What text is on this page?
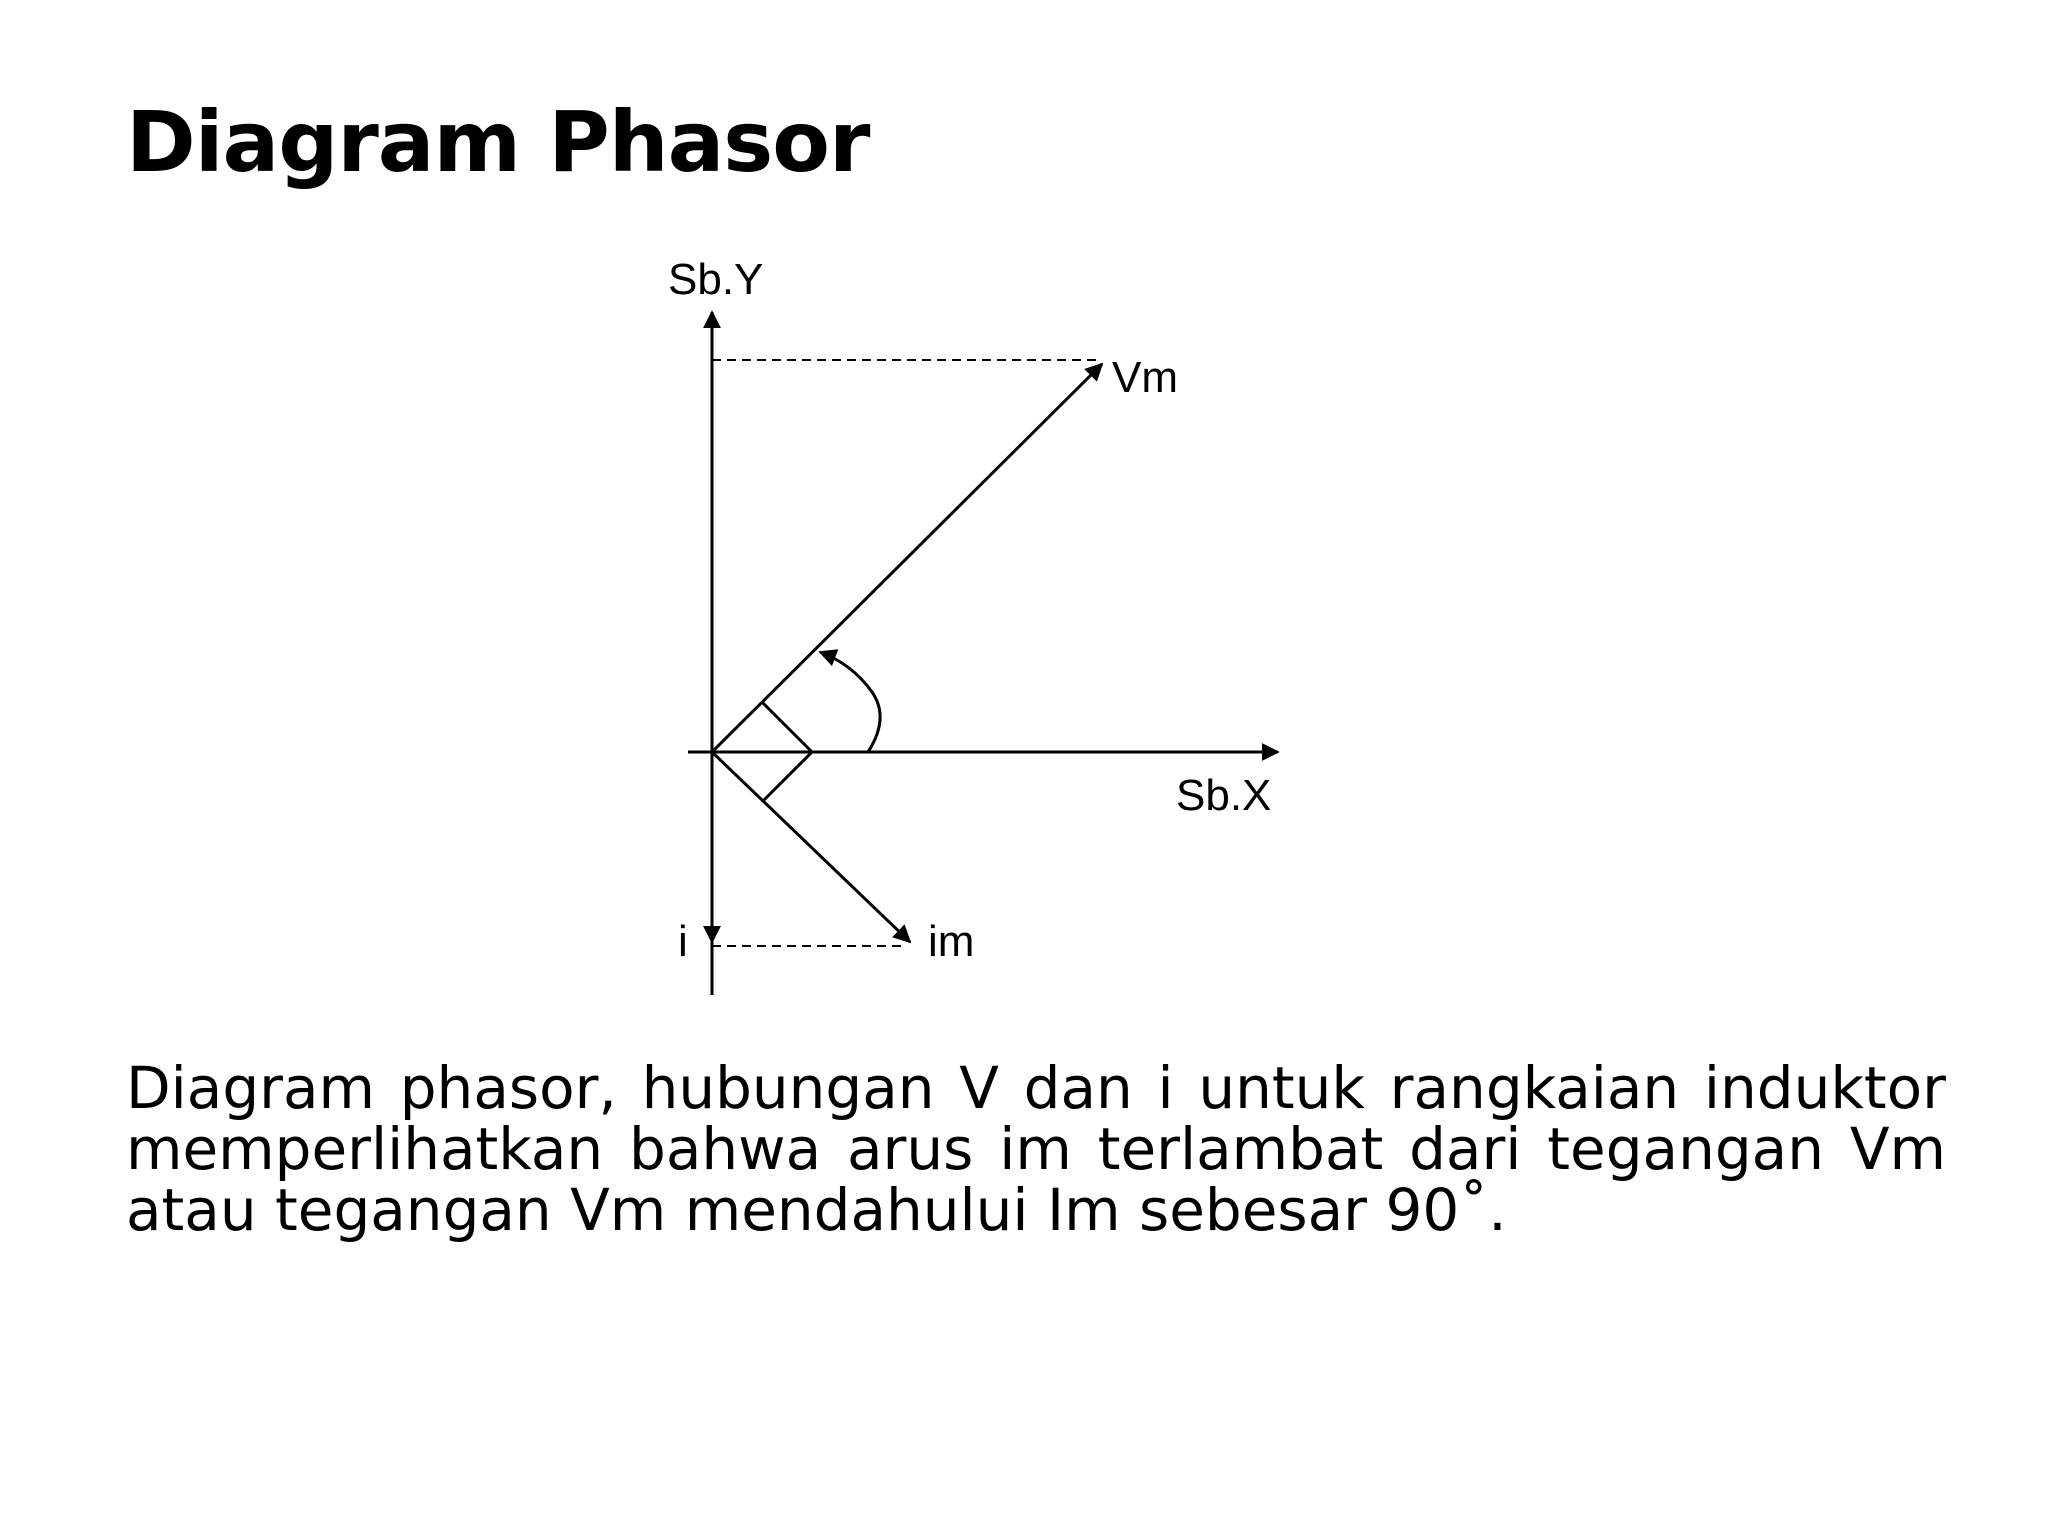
Diagram Phasor
Sb.Y
Sb.X
Vm
im
i

Diagram phasor, hubungan V dan i untuk rangkaian induktor memperlihatkan bahwa arus im terlambat dari tegangan Vm atau tegangan Vm mendahului Im sebesar 90˚.
